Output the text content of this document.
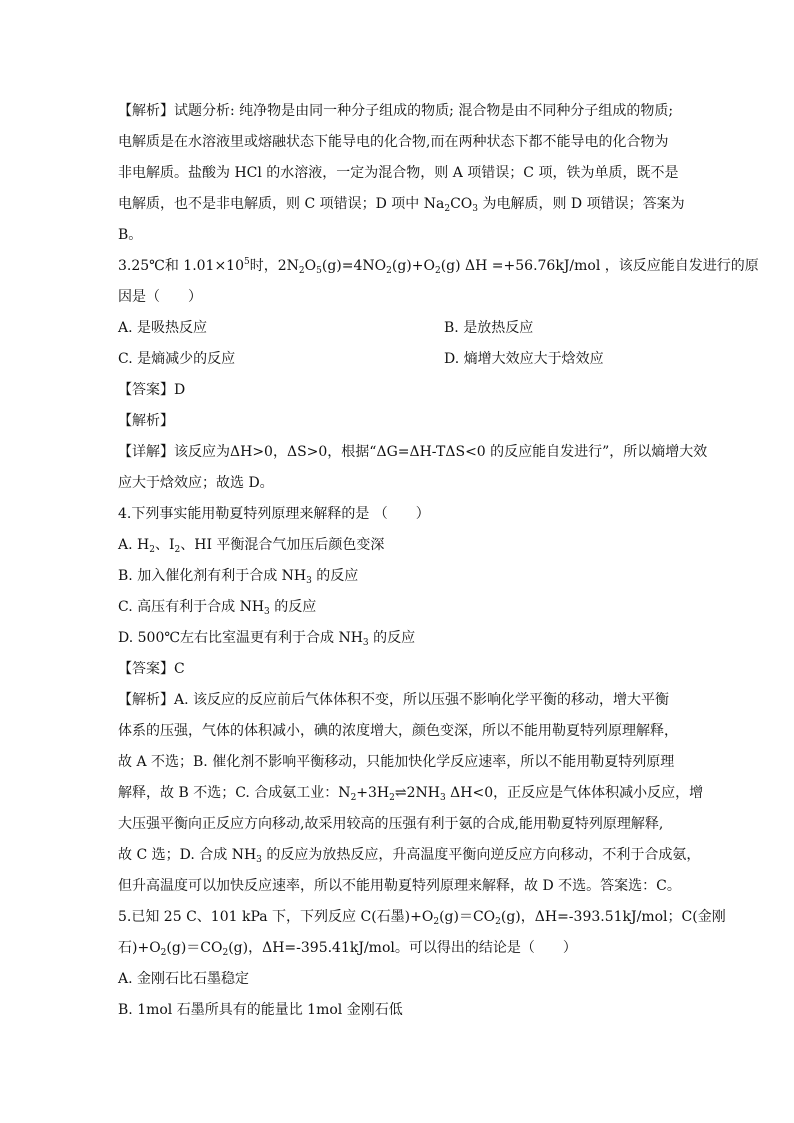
【解析】试题分析: 纯净物是由同一种分子组成的物质; 混合物是由不同种分子组成的物质;
电解质是在水溶液里或熔融状态下能导电的化合物,而在两种状态下都不能导电的化合物为
非电解质。盐酸为 HCl 的水溶液，一定为混合物，则 A 项错误；C 项，铁为单质，既不是
电解质，也不是非电解质，则 C 项错误；D 项中 $Na_2CO_3$ 为电解质，则 D 项错误；答案为
B。
3.25℃和 $1.01\times 10^5$时，$2N_2O_5(g)=4NO_2(g)+O_2(g)$ ΔH =+56.76kJ/mol ，该反应能自发进行的原
因是（　　）
A. 是吸热反应	B. 是放热反应
C. 是熵减少的反应	D. 熵增大效应大于焓效应
【答案】D
【解析】
【详解】该反应为ΔH>0，ΔS>0，根据“ΔG=ΔH-TΔS<0 的反应能自发进行”，所以熵增大效
应大于焓效应；故选 D。
4.下列事实能用勒夏特列原理来解释的是 （　　）
A. $H_2$、$I_2$、HI 平衡混合气加压后颜色变深
B. 加入催化剂有利于合成 $NH_3$ 的反应
C. 高压有利于合成 $NH_3$ 的反应
D. 500℃左右比室温更有利于合成 $NH_3$ 的反应
【答案】C
【解析】A. 该反应的反应前后气体体积不变，所以压强不影响化学平衡的移动，增大平衡
体系的压强，气体的体积减小，碘的浓度增大，颜色变深，所以不能用勒夏特列原理解释，
故 A 不选；B. 催化剂不影响平衡移动，只能加快化学反应速率，所以不能用勒夏特列原理
解释，故 B 不选；C. 合成氨工业：$N_2+3H_2\rightleftharpoons 2NH_3$ ΔH<0，正反应是气体体积减小反应，增
大压强平衡向正反应方向移动,故采用较高的压强有利于氨的合成,能用勒夏特列原理解释,
故 C 选；D. 合成 $NH_3$ 的反应为放热反应，升高温度平衡向逆反应方向移动，不利于合成氨，
但升高温度可以加快反应速率，所以不能用勒夏特列原理来解释，故 D 不选。答案选：C。
5.已知 25 C、101 kPa 下，下列反应 C(石墨)$+O_2(g)=CO_2(g)$，ΔH=-393.51kJ/mol；C(金刚
石)$+O_2(g)=CO_2(g)$，ΔH=-395.41kJ/mol。可以得出的结论是（　　）
A. 金刚石比石墨稳定
B. 1mol 石墨所具有的能量比 1mol 金刚石低
